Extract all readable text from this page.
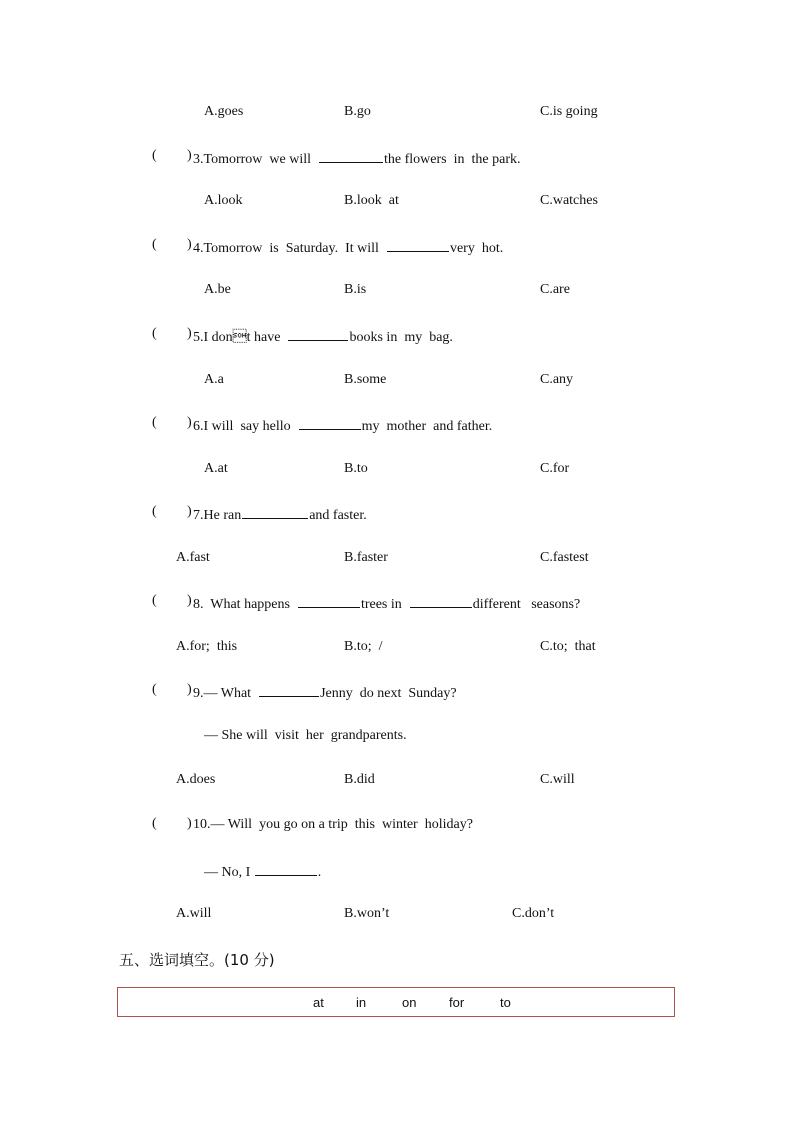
A.goes	B.go	C.is going
( ) 3.Tomorrow  we will	the flowers  in  the park.
A.look	B.look  at	C.watches
( ) 4.Tomorrow  is  Saturday.  It will	very  hot.
A.be	B.is	C.are
( ) 5.I dont have	books in  my  bag.
A.a	B.some	C.any
( ) 6.I will  say hello	my  mother  and father.
A.at	B.to	C.for
( ) 7.He ran	and faster.
A.fast	B.faster	C.fastest
( ) 8.  What happens	trees in	different   seasons?
A.for;  this	B.to;  /	C.to;  that
( ) 9.— What	Jenny  do next  Sunday?
— She will  visit  her  grandparents.
A.does	B.did	C.will
( ) 10.— Will  you go on a trip  this  winter  holiday?
— No, I	.
A.will	B.won’t	C.don’t
五、选词填空。(10 分)
at in	on	for	to
